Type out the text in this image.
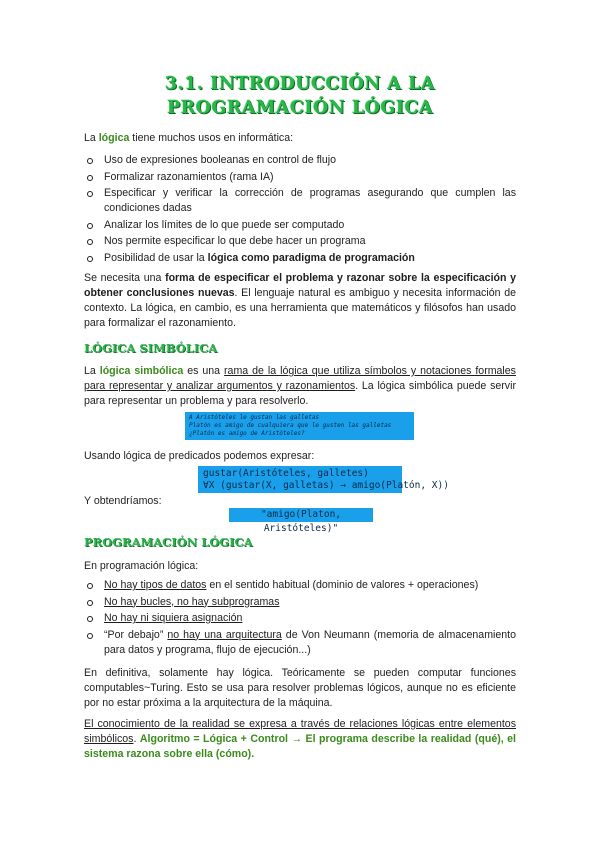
3.1. INTRODUCCIÓN A LA
PROGRAMACIÓN LÓGICA
La lógica tiene muchos usos en informática:
Uso de expresiones booleanas en control de flujo
Formalizar razonamientos (rama IA)
Especificar y verificar la corrección de programas asegurando que cumplen las condiciones dadas
Analizar los límites de lo que puede ser computado
Nos permite especificar lo que debe hacer un programa
Posibilidad de usar la lógica como paradigma de programación
Se necesita una forma de especificar el problema y razonar sobre la especificación y obtener conclusiones nuevas. El lenguaje natural es ambiguo y necesita información de contexto. La lógica, en cambio, es una herramienta que matemáticos y filósofos han usado para formalizar el razonamiento.
LÓGICA SIMBÓLICA
La lógica simbólica es una rama de la lógica que utiliza símbolos y notaciones formales para representar y analizar argumentos y razonamientos. La lógica simbólica puede servir para representar un problema y para resolverlo.
A Aristóteles le gustan las galletas
Platón es amigo de cualquiera que le gusten las galletas
¿Platón es amigo de Aristóteles?
Usando lógica de predicados podemos expresar:
gustar(Aristóteles, galletes)
∀X (gustar(X, galletas) → amigo(Platón, X))
Y obtendríamos:
"amigo(Platon, Aristóteles)"
PROGRAMACIÓN LÓGICA
En programación lógica:
No hay tipos de datos en el sentido habitual (dominio de valores + operaciones)
No hay bucles, no hay subprogramas
No hay ni siquiera asignación
“Por debajo” no hay una arquitectura de Von Neumann (memoria de almacenamiento para datos y programa, flujo de ejecución...)
En definitiva, solamente hay lógica. Teóricamente se pueden computar funciones computables~Turing. Esto se usa para resolver problemas lógicos, aunque no es eficiente por no estar próxima a la arquitectura de la máquina.
El conocimiento de la realidad se expresa a través de relaciones lógicas entre elementos simbólicos. Algoritmo = Lógica + Control → El programa describe la realidad (qué), el sistema razona sobre ella (cómo).
